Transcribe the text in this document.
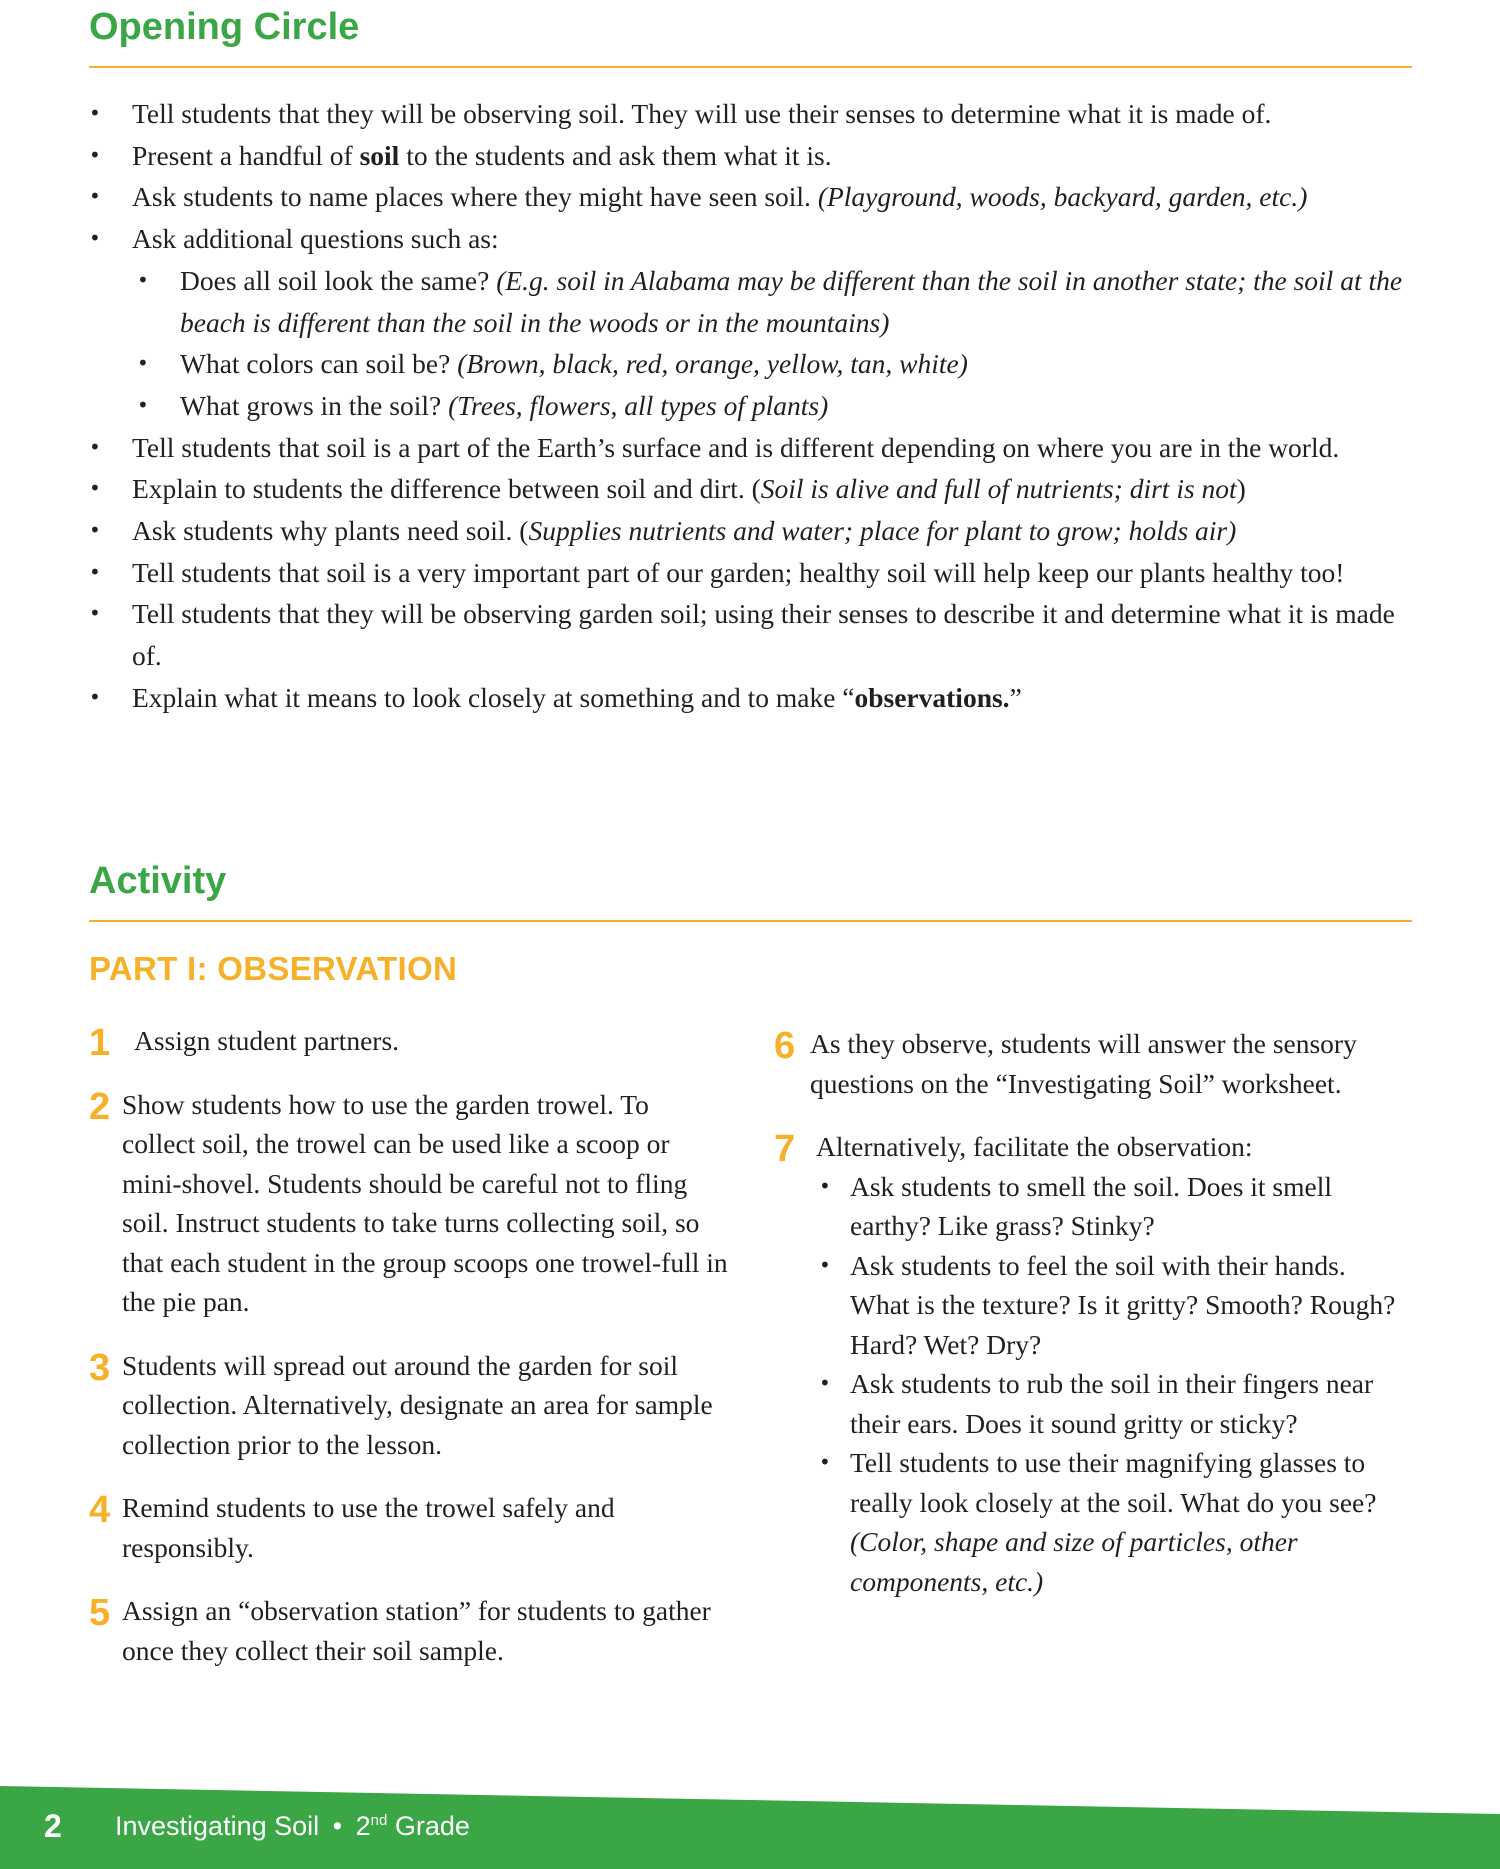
Opening Circle
• Tell students that they will be observing soil. They will use their senses to determine what it is made of.
• Present a handful of soil to the students and ask them what it is.
• Ask students to name places where they might have seen soil. (Playground, woods, backyard, garden, etc.)
• Ask additional questions such as:
• Does all soil look the same? (E.g. soil in Alabama may be different than the soil in another state; the soil at the beach is different than the soil in the woods or in the mountains)
• What colors can soil be? (Brown, black, red, orange, yellow, tan, white)
• What grows in the soil? (Trees, flowers, all types of plants)
• Tell students that soil is a part of the Earth’s surface and is different depending on where you are in the world.
• Explain to students the difference between soil and dirt. (Soil is alive and full of nutrients; dirt is not)
• Ask students why plants need soil. (Supplies nutrients and water; place for plant to grow; holds air)
• Tell students that soil is a very important part of our garden; healthy soil will help keep our plants healthy too!
• Tell students that they will be observing garden soil; using their senses to describe it and determine what it is made of.
• Explain what it means to look closely at something and to make “observations.”
Activity
PART I: OBSERVATION
1 Assign student partners.
2 Show students how to use the garden trowel. To collect soil, the trowel can be used like a scoop or mini-shovel. Students should be careful not to fling soil. Instruct students to take turns collecting soil, so that each student in the group scoops one trowel-full in the pie pan.
3 Students will spread out around the garden for soil collection. Alternatively, designate an area for sample collection prior to the lesson.
4 Remind students to use the trowel safely and responsibly.
5 Assign an “observation station” for students to gather once they collect their soil sample.
6 As they observe, students will answer the sensory questions on the “Investigating Soil” worksheet.
7 Alternatively, facilitate the observation:
• Ask students to smell the soil. Does it smell earthy? Like grass? Stinky?
• Ask students to feel the soil with their hands. What is the texture? Is it gritty? Smooth? Rough? Hard? Wet? Dry?
• Ask students to rub the soil in their fingers near their ears. Does it sound gritty or sticky?
• Tell students to use their magnifying glasses to really look closely at the soil. What do you see? (Color, shape and size of particles, other components, etc.)
2 Investigating Soil • 2nd Grade
